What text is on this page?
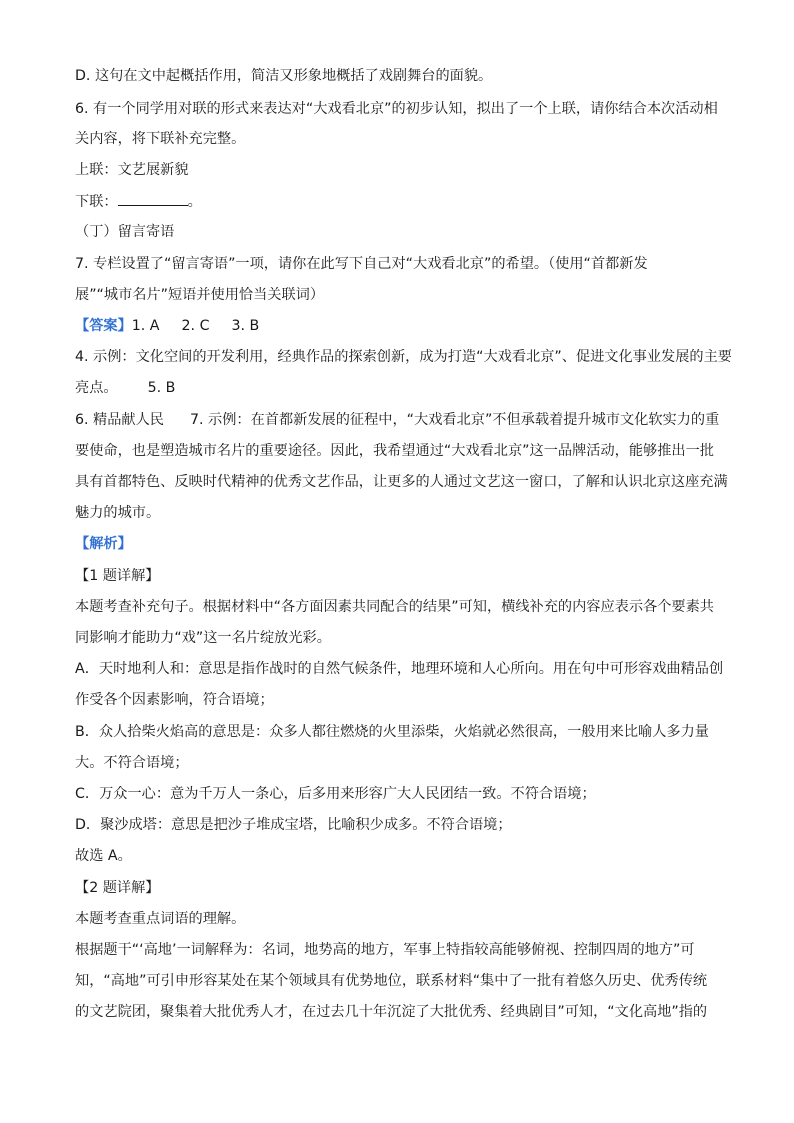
D. 这句在文中起概括作用，简洁又形象地概括了戏剧舞台的面貌。
6. 有一个同学用对联的形式来表达对“大戏看北京”的初步认知，拟出了一个上联，请你结合本次活动相
关内容，将下联补充完整。
上联：文艺展新貌
下联：	。
（丁）留言寄语
7. 专栏设置了“留言寄语”一项，请你在此写下自己对“大戏看北京”的希望。（使用“首都新发
展”“城市名片”短语并使用恰当关联词）
【答案】1. A 2. C 3. B
4. 示例：文化空间的开发利用，经典作品的探索创新，成为打造“大戏看北京”、促进文化事业发展的主要
亮点。 5. B
6. 精品献人民 7. 示例：在首都新发展的征程中，“大戏看北京”不但承载着提升城市文化软实力的重
要使命，也是塑造城市名片的重要途径。因此，我希望通过“大戏看北京”这一品牌活动，能够推出一批
具有首都特色、反映时代精神的优秀文艺作品，让更多的人通过文艺这一窗口，了解和认识北京这座充满
魅力的城市。
【解析】
【1 题详解】
本题考查补充句子。根据材料中“各方面因素共同配合的结果”可知，横线补充的内容应表示各个要素共
同影响才能助力“戏”这一名片绽放光彩。
A．天时地利人和：意思是指作战时的自然气候条件，地理环境和人心所向。用在句中可形容戏曲精品创
作受各个因素影响，符合语境；
B．众人拾柴火焰高的意思是：众多人都往燃烧的火里添柴，火焰就必然很高，一般用来比喻人多力量
大。不符合语境；
C．万众一心：意为千万人一条心，后多用来形容广大人民团结一致。不符合语境；
D．聚沙成塔：意思是把沙子堆成宝塔，比喻积少成多。不符合语境；
故选 A。
【2 题详解】
本题考查重点词语的理解。
根据题干“‘高地’一词解释为：名词，地势高的地方，军事上特指较高能够俯视、控制四周的地方”可
知，“高地”可引申形容某处在某个领域具有优势地位，联系材料“集中了一批有着悠久历史、优秀传统
的文艺院团，聚集着大批优秀人才，在过去几十年沉淀了大批优秀、经典剧目”可知，“文化高地”指的
